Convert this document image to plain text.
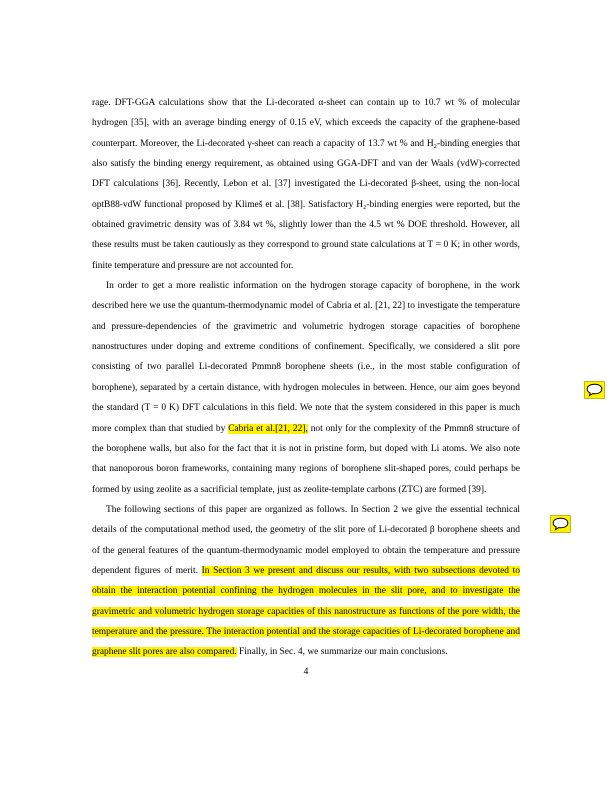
rage. DFT-GGA calculations show that the Li-decorated α-sheet can contain up to 10.7 wt % of molecular hydrogen [35], with an average binding energy of 0.15 eV, which exceeds the capacity of the graphene-based counterpart. Moreover, the Li-decorated γ-sheet can reach a capacity of 13.7 wt % and H₂-binding energies that also satisfy the binding energy requirement, as obtained using GGA-DFT and van der Waals (vdW)-corrected DFT calculations [36]. Recently, Lebon et al. [37] investigated the Li-decorated β-sheet, using the non-local optB88-vdW functional proposed by Klimeš et al. [38]. Satisfactory H₂-binding energies were reported, but the obtained gravimetric density was of 3.84 wt %, slightly lower than the 4.5 wt % DOE threshold. However, all these results must be taken cautiously as they correspond to ground state calculations at T = 0 K; in other words, finite temperature and pressure are not accounted for.

In order to get a more realistic information on the hydrogen storage capacity of borophene, in the work described here we use the quantum-thermodynamic model of Cabria et al. [21, 22] to investigate the temperature and pressure-dependencies of the gravimetric and volumetric hydrogen storage capacities of borophene nanostructures under doping and extreme conditions of confinement. Specifically, we considered a slit pore consisting of two parallel Li-decorated Pmmn8 borophene sheets (i.e., in the most stable configuration of borophene), separated by a certain distance, with hydrogen molecules in between. Hence, our aim goes beyond the standard (T = 0 K) DFT calculations in this field. We note that the system considered in this paper is much more complex than that studied by Cabria et al.[21, 22], not only for the complexity of the Pmmn8 structure of the borophene walls, but also for the fact that it is not in pristine form, but doped with Li atoms. We also note that nanoporous boron frameworks, containing many regions of borophene slit-shaped pores, could perhaps be formed by using zeolite as a sacrificial template, just as zeolite-template carbons (ZTC) are formed [39].

The following sections of this paper are organized as follows. In Section 2 we give the essential technical details of the computational method used, the geometry of the slit pore of Li-decorated β borophene sheets and of the general features of the quantum-thermodynamic model employed to obtain the temperature and pressure dependent figures of merit. In Section 3 we present and discuss our results, with two subsections devoted to obtain the interaction potential confining the hydrogen molecules in the slit pore, and to investigate the gravimetric and volumetric hydrogen storage capacities of this nanostructure as functions of the pore width, the temperature and the pressure. The interaction potential and the storage capacities of Li-decorated borophene and graphene slit pores are also compared. Finally, in Sec. 4, we summarize our main conclusions.

4
